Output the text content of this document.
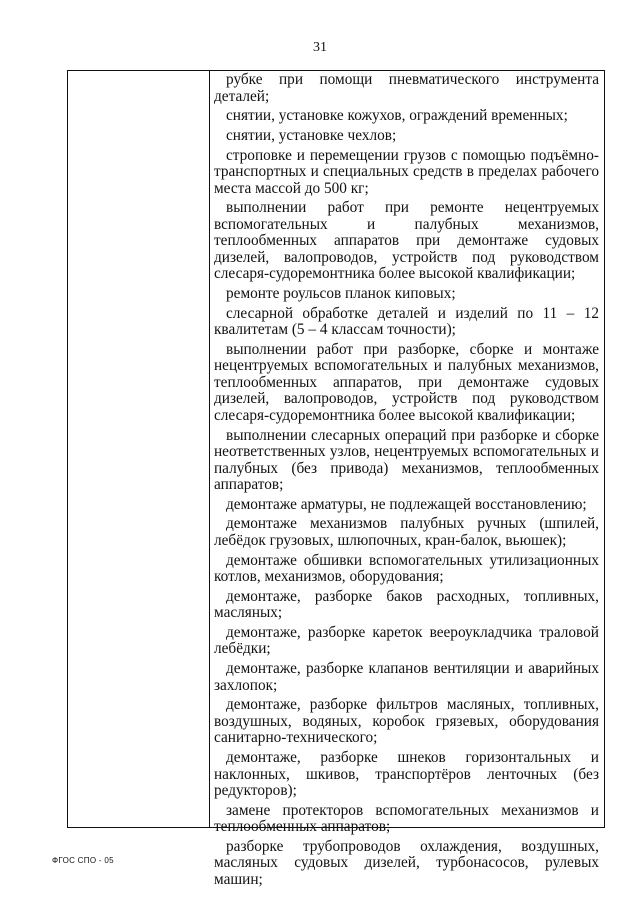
31

рубке при помощи пневматического инструмента деталей;

снятии, установке кожухов, ограждений временных;

снятии, установке чехлов;

строповке и перемещении грузов с помощью подъёмно-транспортных и специальных средств в пределах рабочего места массой до 500 кг;

выполнении работ при ремонте нецентруемых вспомогательных и палубных механизмов, теплообменных аппаратов при демонтаже судовых дизелей, валопроводов, устройств под руководством слесаря-судоремонтника более высокой квалификации;

ремонте роульсов планок киповых;

слесарной обработке деталей и изделий по 11 – 12 квалитетам (5 – 4 классам точности);

выполнении работ при разборке, сборке и монтаже нецентруемых вспомогательных и палубных механизмов, теплообменных аппаратов, при демонтаже судовых дизелей, валопроводов, устройств под руководством слесаря-судоремонтника более высокой квалификации;

выполнении слесарных операций при разборке и сборке неответственных узлов, нецентруемых вспомогательных и палубных (без привода) механизмов, теплообменных аппаратов;

демонтаже арматуры, не подлежащей восстановлению;

демонтаже механизмов палубных ручных (шпилей, лебёдок грузовых, шлюпочных, кран-балок, вьюшек);

демонтаже обшивки вспомогательных утилизационных котлов, механизмов, оборудования;

демонтаже, разборке баков расходных, топливных, масляных;

демонтаже, разборке кареток веероукладчика траловой лебёдки;

демонтаже, разборке клапанов вентиляции и аварийных захлопок;

демонтаже, разборке фильтров масляных, топливных, воздушных, водяных, коробок грязевых, оборудования санитарно-технического;

демонтаже, разборке шнеков горизонтальных и наклонных, шкивов, транспортёров ленточных (без редукторов);

замене протекторов вспомогательных механизмов и теплообменных аппаратов;

разборке трубопроводов охлаждения, воздушных, масляных судовых дизелей, турбонасосов, рулевых машин;

ФГОС СПО - 05
